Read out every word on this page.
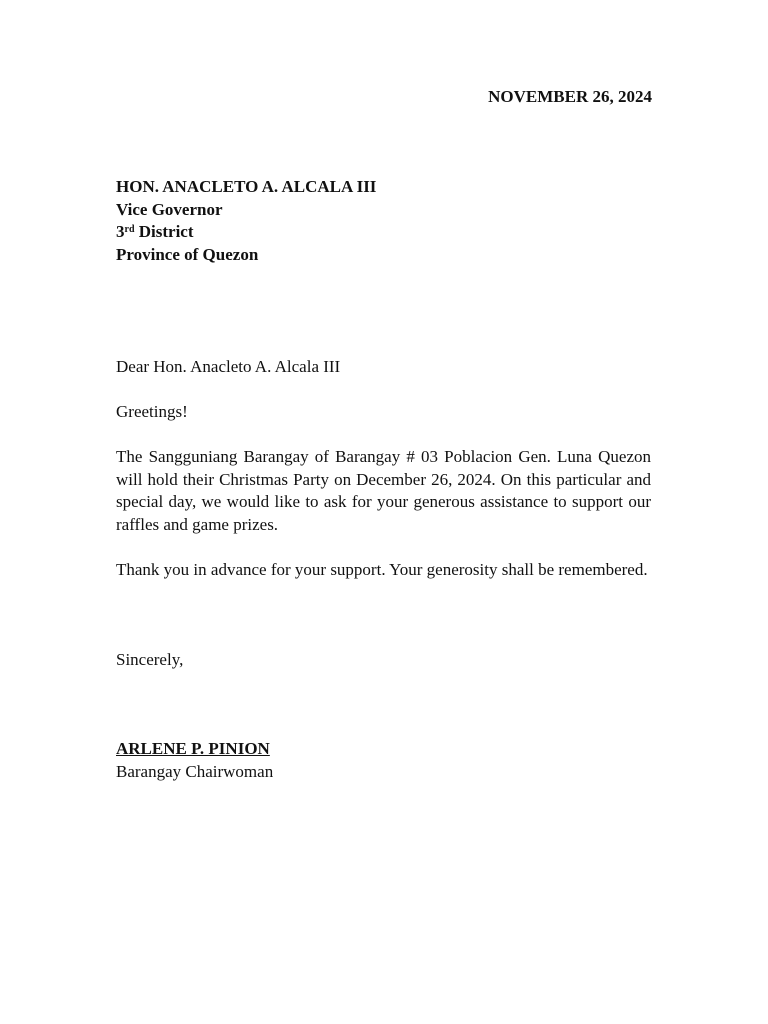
NOVEMBER 26, 2024
HON. ANACLETO A. ALCALA III
Vice Governor
3rd District
Province of Quezon
Dear Hon. Anacleto A. Alcala III
Greetings!
The Sangguniang Barangay of Barangay # 03 Poblacion Gen. Luna Quezon will hold their Christmas Party on December 26, 2024. On this particular and special day, we would like to ask for your generous assistance to support our raffles and game prizes.
Thank you in advance for your support. Your generosity shall be remembered.
Sincerely,
ARLENE P. PINION
Barangay Chairwoman
